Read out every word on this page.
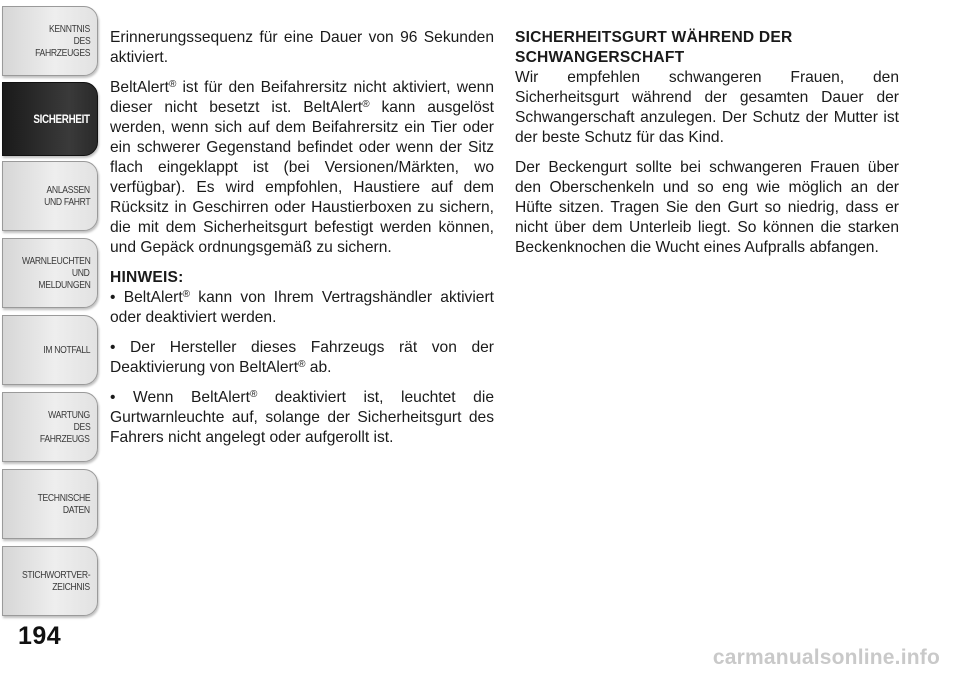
KENNTNIS
DES
FAHRZEUGES
SICHERHEIT
ANLASSEN
UND FAHRT
WARNLEUCHTEN
UND
MELDUNGEN
IM NOTFALL
WARTUNG
DES
FAHRZEUGS
TECHNISCHE
DATEN
STICHWORTVER-
ZEICHNIS
194

Erinnerungssequenz für eine Dauer von 96 Sekunden aktiviert.

BeltAlert® ist für den Beifahrersitz nicht aktiviert, wenn dieser nicht besetzt ist. BeltAlert® kann ausgelöst werden, wenn sich auf dem Beifahrersitz ein Tier oder ein schwerer Gegenstand befindet oder wenn der Sitz flach eingeklappt ist (bei Versionen/Märkten, wo verfügbar). Es wird empfohlen, Haustiere auf dem Rücksitz in Geschirren oder Haustierboxen zu sichern, die mit dem Sicherheitsgurt befestigt werden können, und Gepäck ordnungsgemäß zu sichern.

HINWEIS:

• BeltAlert® kann von Ihrem Vertragshändler aktiviert oder deaktiviert werden.

• Der Hersteller dieses Fahrzeugs rät von der Deaktivierung von BeltAlert® ab.

• Wenn BeltAlert® deaktiviert ist, leuchtet die Gurtwarnleuchte auf, solange der Sicherheitsgurt des Fahrers nicht angelegt oder aufgerollt ist.

SICHERHEITSGURT WÄHREND DER
SCHWANGERSCHAFT

Wir empfehlen schwangeren Frauen, den Sicherheitsgurt während der gesamten Dauer der Schwangerschaft anzulegen. Der Schutz der Mutter ist der beste Schutz für das Kind.

Der Beckengurt sollte bei schwangeren Frauen über den Oberschenkeln und so eng wie möglich an der Hüfte sitzen. Tragen Sie den Gurt so niedrig, dass er nicht über dem Unterleib liegt. So können die starken Beckenknochen die Wucht eines Aufpralls abfangen.

carmanualsonline.info
